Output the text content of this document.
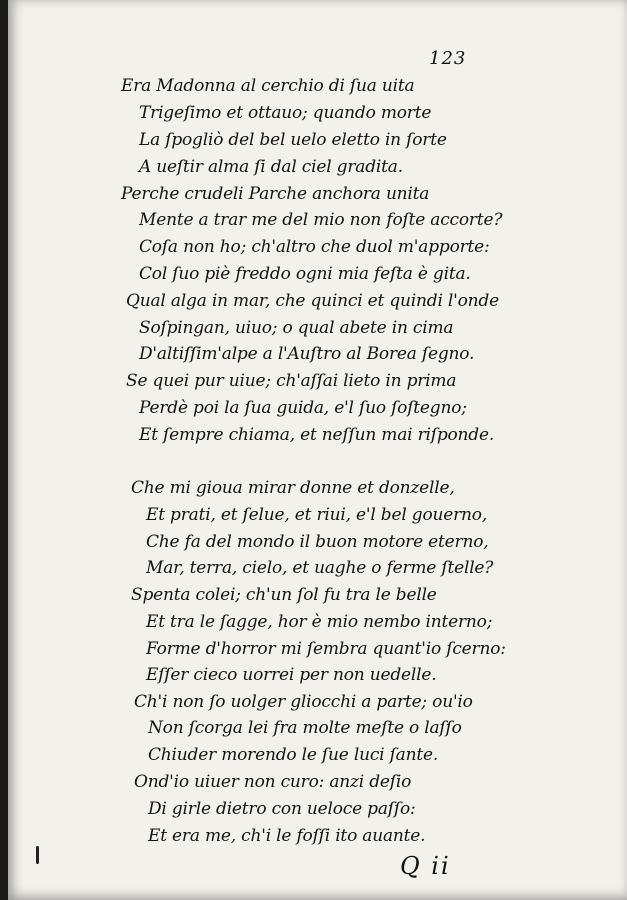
123
Era Madonna al cerchio di ſua uita
Trigeſimo et ottauo; quando morte
La ſpogliò del bel uelo eletto in ſorte
A ueſtir alma ſi dal ciel gradita.
Perche crudeli Parche anchora unita
Mente a trar me del mio non foſte accorte?
Coſa non ho; ch'altro che duol m'apporte:
Col ſuo piè freddo ogni mia feſta è gita.
Qual alga in mar, che quinci et quindi l'onde
Soſpingan, uiuo; o qual abete in cima
D'altiſſim'alpe a l'Auſtro al Borea ſegno.
Se quei pur uiue; ch'aſſai lieto in prima
Perdè poi la ſua guida, e'l ſuo ſoſtegno;
Et ſempre chiama, et neſſun mai riſponde.
Che mi gioua mirar donne et donzelle,
Et prati, et ſelue, et riui, e'l bel gouerno,
Che fa del mondo il buon motore eterno,
Mar, terra, cielo, et uaghe o ferme ſtelle?
Spenta colei; ch'un ſol fu tra le belle
Et tra le ſagge, hor è mio nembo interno;
Forme d'horror mi ſembra quant'io ſcerno:
Eſſer cieco uorrei per non uedelle.
Ch'i non ſo uolger gliocchi a parte; ou'io
Non ſcorga lei fra molte meſte o laſſo
Chiuder morendo le ſue luci ſante.
Ond'io uiuer non curo: anzi deſio
Di girle dietro con ueloce paſſo:
Et era me, ch'i le foſſi ito auante.
Q ii
